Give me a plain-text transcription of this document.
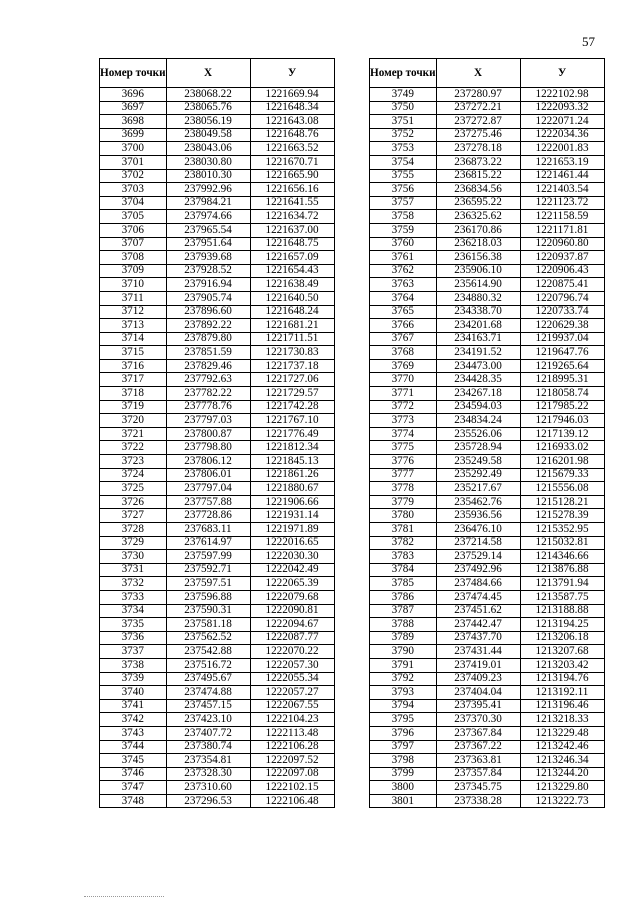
57
Номер точки	X	У
3696	238068.22	1221669.94
3697	238065.76	1221648.34
3698	238056.19	1221643.08
3699	238049.58	1221648.76
3700	238043.06	1221663.52
3701	238030.80	1221670.71
3702	238010.30	1221665.90
3703	237992.96	1221656.16
3704	237984.21	1221641.55
3705	237974.66	1221634.72
3706	237965.54	1221637.00
3707	237951.64	1221648.75
3708	237939.68	1221657.09
3709	237928.52	1221654.43
3710	237916.94	1221638.49
3711	237905.74	1221640.50
3712	237896.60	1221648.24
3713	237892.22	1221681.21
3714	237879.80	1221711.51
3715	237851.59	1221730.83
3716	237829.46	1221737.18
3717	237792.63	1221727.06
3718	237782.22	1221729.57
3719	237778.76	1221742.28
3720	237797.03	1221767.10
3721	237800.87	1221776.49
3722	237798.80	1221812.34
3723	237806.12	1221845.13
3724	237806.01	1221861.26
3725	237797.04	1221880.67
3726	237757.88	1221906.66
3727	237728.86	1221931.14
3728	237683.11	1221971.89
3729	237614.97	1222016.65
3730	237597.99	1222030.30
3731	237592.71	1222042.49
3732	237597.51	1222065.39
3733	237596.88	1222079.68
3734	237590.31	1222090.81
3735	237581.18	1222094.67
3736	237562.52	1222087.77
3737	237542.88	1222070.22
3738	237516.72	1222057.30
3739	237495.67	1222055.34
3740	237474.88	1222057.27
3741	237457.15	1222067.55
3742	237423.10	1222104.23
3743	237407.72	1222113.48
3744	237380.74	1222106.28
3745	237354.81	1222097.52
3746	237328.30	1222097.08
3747	237310.60	1222102.15
3748	237296.53	1222106.48
Номер точки	X	У
3749	237280.97	1222102.98
3750	237272.21	1222093.32
3751	237272.87	1222071.24
3752	237275.46	1222034.36
3753	237278.18	1222001.83
3754	236873.22	1221653.19
3755	236815.22	1221461.44
3756	236834.56	1221403.54
3757	236595.22	1221123.72
3758	236325.62	1221158.59
3759	236170.86	1221171.81
3760	236218.03	1220960.80
3761	236156.38	1220937.87
3762	235906.10	1220906.43
3763	235614.90	1220875.41
3764	234880.32	1220796.74
3765	234338.70	1220733.74
3766	234201.68	1220629.38
3767	234163.71	1219937.04
3768	234191.52	1219647.76
3769	234473.00	1219265.64
3770	234428.35	1218995.31
3771	234267.18	1218058.74
3772	234594.03	1217985.22
3773	234834.24	1217946.03
3774	235526.06	1217139.12
3775	235728.94	1216933.02
3776	235249.58	1216201.98
3777	235292.49	1215679.33
3778	235217.67	1215556.08
3779	235462.76	1215128.21
3780	235936.56	1215278.39
3781	236476.10	1215352.95
3782	237214.58	1215032.81
3783	237529.14	1214346.66
3784	237492.96	1213876.88
3785	237484.66	1213791.94
3786	237474.45	1213587.75
3787	237451.62	1213188.88
3788	237442.47	1213194.25
3789	237437.70	1213206.18
3790	237431.44	1213207.68
3791	237419.01	1213203.42
3792	237409.23	1213194.76
3793	237404.04	1213192.11
3794	237395.41	1213196.46
3795	237370.30	1213218.33
3796	237367.84	1213229.48
3797	237367.22	1213242.46
3798	237363.81	1213246.34
3799	237357.84	1213244.20
3800	237345.75	1213229.80
3801	237338.28	1213222.73
